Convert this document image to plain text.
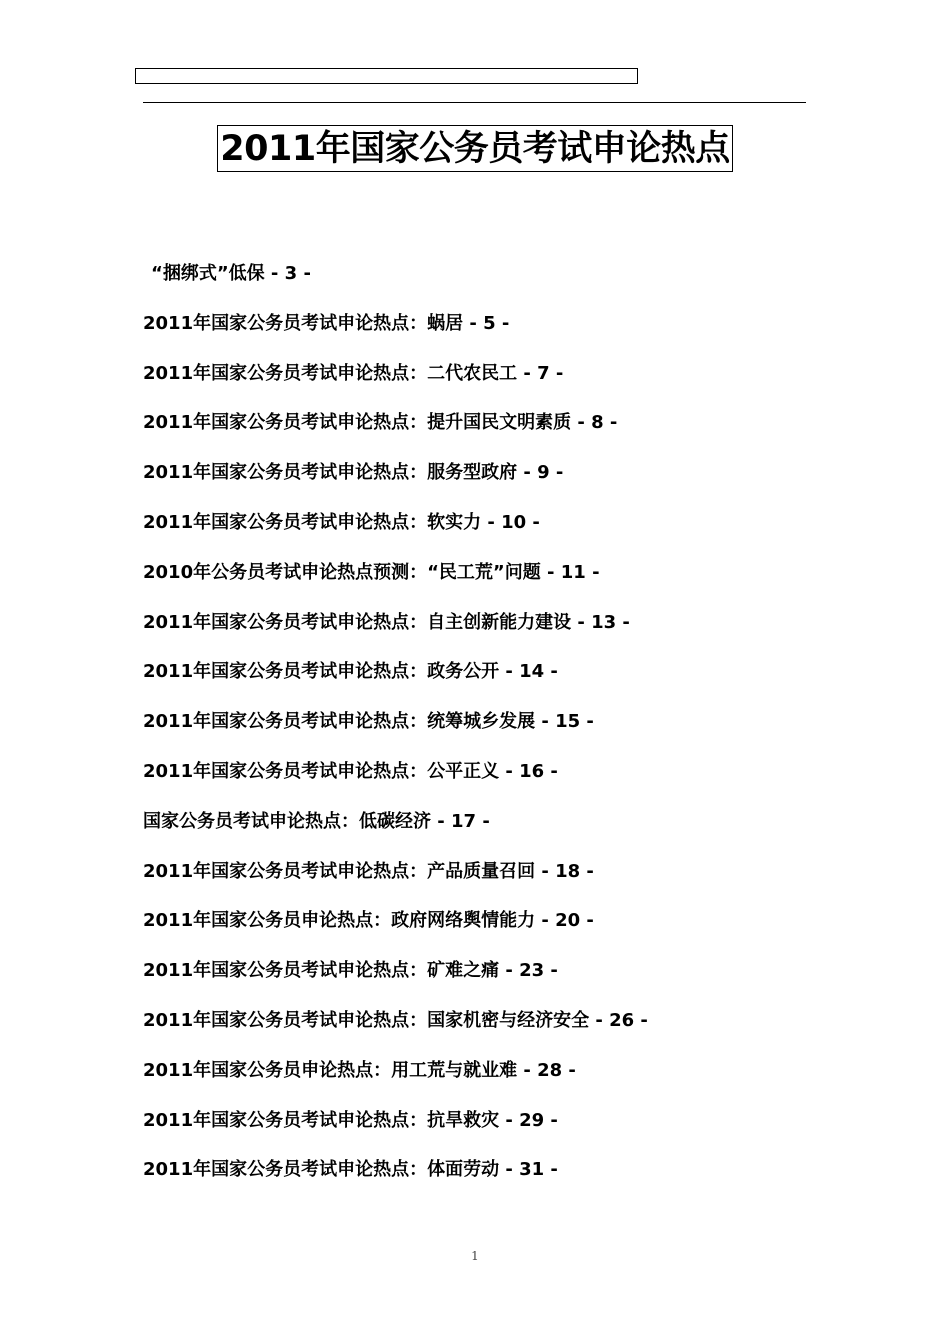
2011年国家公务员考试申论热点
“捆绑式”低保 - 3 -
2011年国家公务员考试申论热点：蜗居 - 5 -
2011年国家公务员考试申论热点：二代农民工 - 7 -
2011年国家公务员考试申论热点：提升国民文明素质 - 8 -
2011年国家公务员考试申论热点：服务型政府 - 9 -
2011年国家公务员考试申论热点：软实力 - 10 -
2010年公务员考试申论热点预测：“民工荒”问题 - 11 -
2011年国家公务员考试申论热点：自主创新能力建设 - 13 -
2011年国家公务员考试申论热点：政务公开 - 14 -
2011年国家公务员考试申论热点：统筹城乡发展 - 15 -
2011年国家公务员考试申论热点：公平正义 - 16 -
国家公务员考试申论热点：低碳经济 - 17 -
2011年国家公务员考试申论热点：产品质量召回 - 18 -
2011年国家公务员申论热点：政府网络舆情能力 - 20 -
2011年国家公务员考试申论热点：矿难之痛 - 23 -
2011年国家公务员考试申论热点：国家机密与经济安全 - 26 -
2011年国家公务员申论热点：用工荒与就业难 - 28 -
2011年国家公务员考试申论热点：抗旱救灾 - 29 -
2011年国家公务员考试申论热点：体面劳动 - 31 -
1
